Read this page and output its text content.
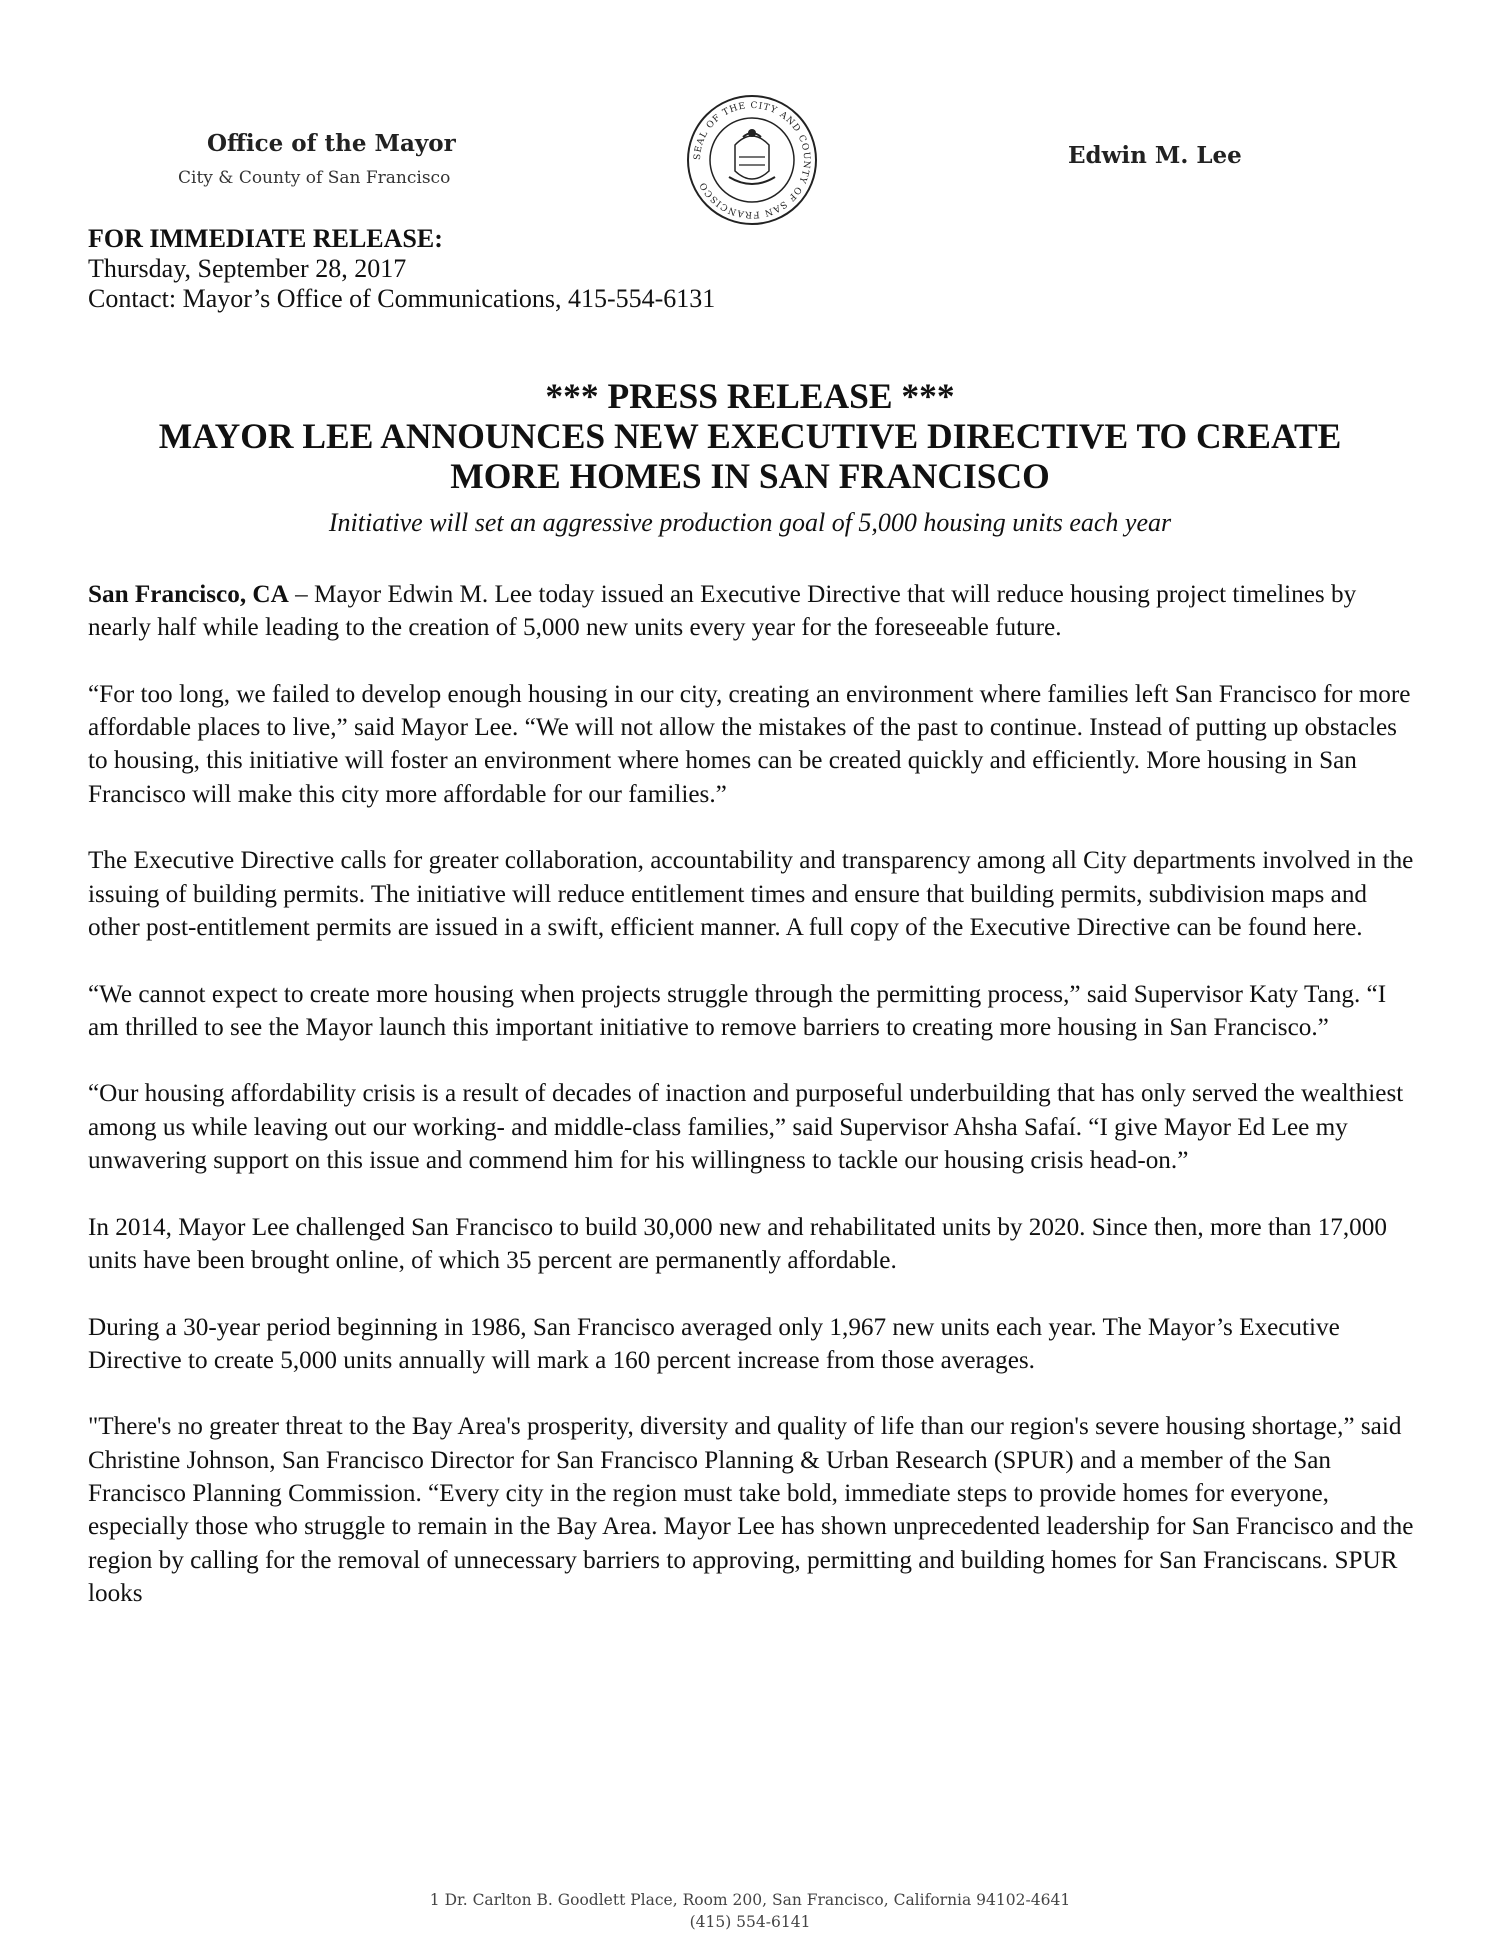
Office of the Mayor
City & County of San Francisco
SEAL OF THE CITY AND COUNTY OF SAN FRANCISCO
Edwin M. Lee
FOR IMMEDIATE RELEASE:
Thursday, September 28, 2017
Contact: Mayor’s Office of Communications, 415-554-6131
*** PRESS RELEASE ***
MAYOR LEE ANNOUNCES NEW EXECUTIVE DIRECTIVE TO CREATE
MORE HOMES IN SAN FRANCISCO
Initiative will set an aggressive production goal of 5,000 housing units each year

San Francisco, CA – Mayor Edwin M. Lee today issued an Executive Directive that will reduce housing project timelines by nearly half while leading to the creation of 5,000 new units every year for the foreseeable future.

“For too long, we failed to develop enough housing in our city, creating an environment where families left San Francisco for more affordable places to live,” said Mayor Lee. “We will not allow the mistakes of the past to continue. Instead of putting up obstacles to housing, this initiative will foster an environment where homes can be created quickly and efficiently. More housing in San Francisco will make this city more affordable for our families.”

The Executive Directive calls for greater collaboration, accountability and transparency among all City departments involved in the issuing of building permits. The initiative will reduce entitlement times and ensure that building permits, subdivision maps and other post-entitlement permits are issued in a swift, efficient manner. A full copy of the Executive Directive can be found here.

“We cannot expect to create more housing when projects struggle through the permitting process,” said Supervisor Katy Tang. “I am thrilled to see the Mayor launch this important initiative to remove barriers to creating more housing in San Francisco.”

“Our housing affordability crisis is a result of decades of inaction and purposeful underbuilding that has only served the wealthiest among us while leaving out our working- and middle-class families,” said Supervisor Ahsha Safaí. “I give Mayor Ed Lee my unwavering support on this issue and commend him for his willingness to tackle our housing crisis head-on.”

In 2014, Mayor Lee challenged San Francisco to build 30,000 new and rehabilitated units by 2020. Since then, more than 17,000 units have been brought online, of which 35 percent are permanently affordable.

During a 30-year period beginning in 1986, San Francisco averaged only 1,967 new units each year. The Mayor’s Executive Directive to create 5,000 units annually will mark a 160 percent increase from those averages.

"There's no greater threat to the Bay Area's prosperity, diversity and quality of life than our region's severe housing shortage,” said Christine Johnson, San Francisco Director for San Francisco Planning & Urban Research (SPUR) and a member of the San Francisco Planning Commission. “Every city in the region must take bold, immediate steps to provide homes for everyone, especially those who struggle to remain in the Bay Area. Mayor Lee has shown unprecedented leadership for San Francisco and the region by calling for the removal of unnecessary barriers to approving, permitting and building homes for San Franciscans. SPUR looks

1 Dr. Carlton B. Goodlett Place, Room 200, San Francisco, California 94102-4641
(415) 554-6141
